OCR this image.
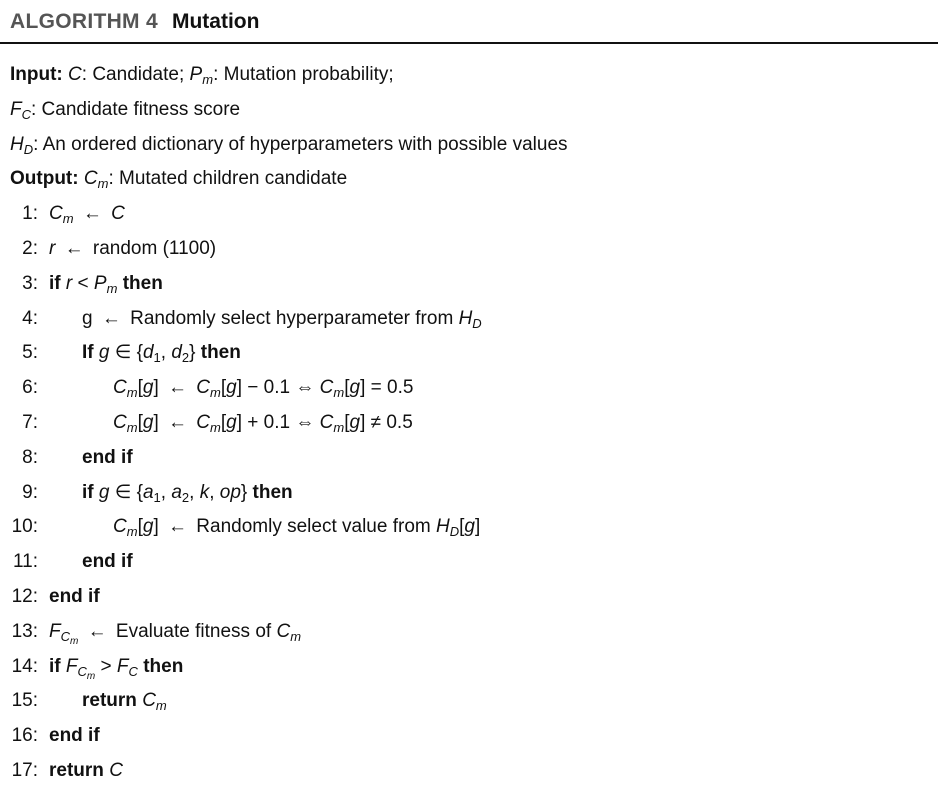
ALGORITHM 4 Mutation
Input: C: Candidate; $P_m$: Mutation probability;
$F_C$: Candidate fitness score
$H_D$: An ordered dictionary of hyperparameters with possible values
Output: $C_m$: Mutated children candidate
1: $C_m$ ← C
2: r ← random (1100)
3: if $r < P_m$ then
4: g ← Randomly select hyperparameter from $H_D$
5: If g ∈ {$d_1$, $d_2$} then
6:	$C_m[g]$ ← $C_m[g] - 0.1$ ⇔ $C_m[g] = 0.5$
7:	$C_m[g]$ ← $C_m[g] + 0.1$ ⇔ $C_m[g] \ne 0.5$
8: end if
9: if g ∈ {$a_1$, $a_2$, k, op} then
10:	$C_m[g]$ ← Randomly select value from $H_D[g]$
11: end if
12: end if
13: $F_{C_m}$ ← Evaluate fitness of $C_m$
14: if $F_{C_m} > F_C$ then
15: return $C_m$
16: end if
17: return C
